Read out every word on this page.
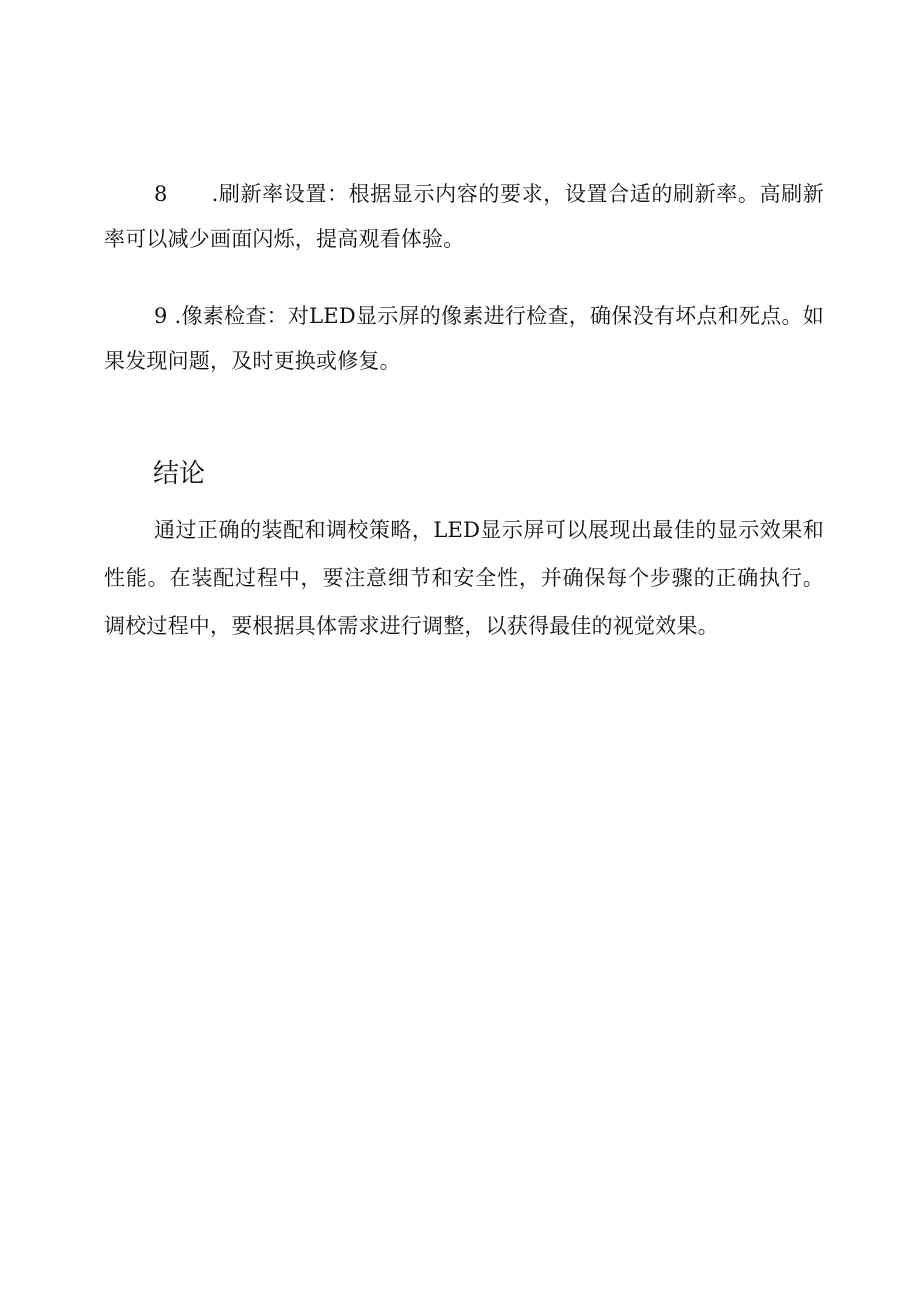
8 .刷新率设置：根据显示内容的要求，设置合适的刷新率。高刷新率可以减少画面闪烁，提高观看体验。

9 .像素检查：对LED显示屏的像素进行检查，确保没有坏点和死点。如果发现问题，及时更换或修复。

结论

通过正确的装配和调校策略，LED显示屏可以展现出最佳的显示效果和性能。在装配过程中，要注意细节和安全性，并确保每个步骤的正确执行。调校过程中，要根据具体需求进行调整，以获得最佳的视觉效果。
